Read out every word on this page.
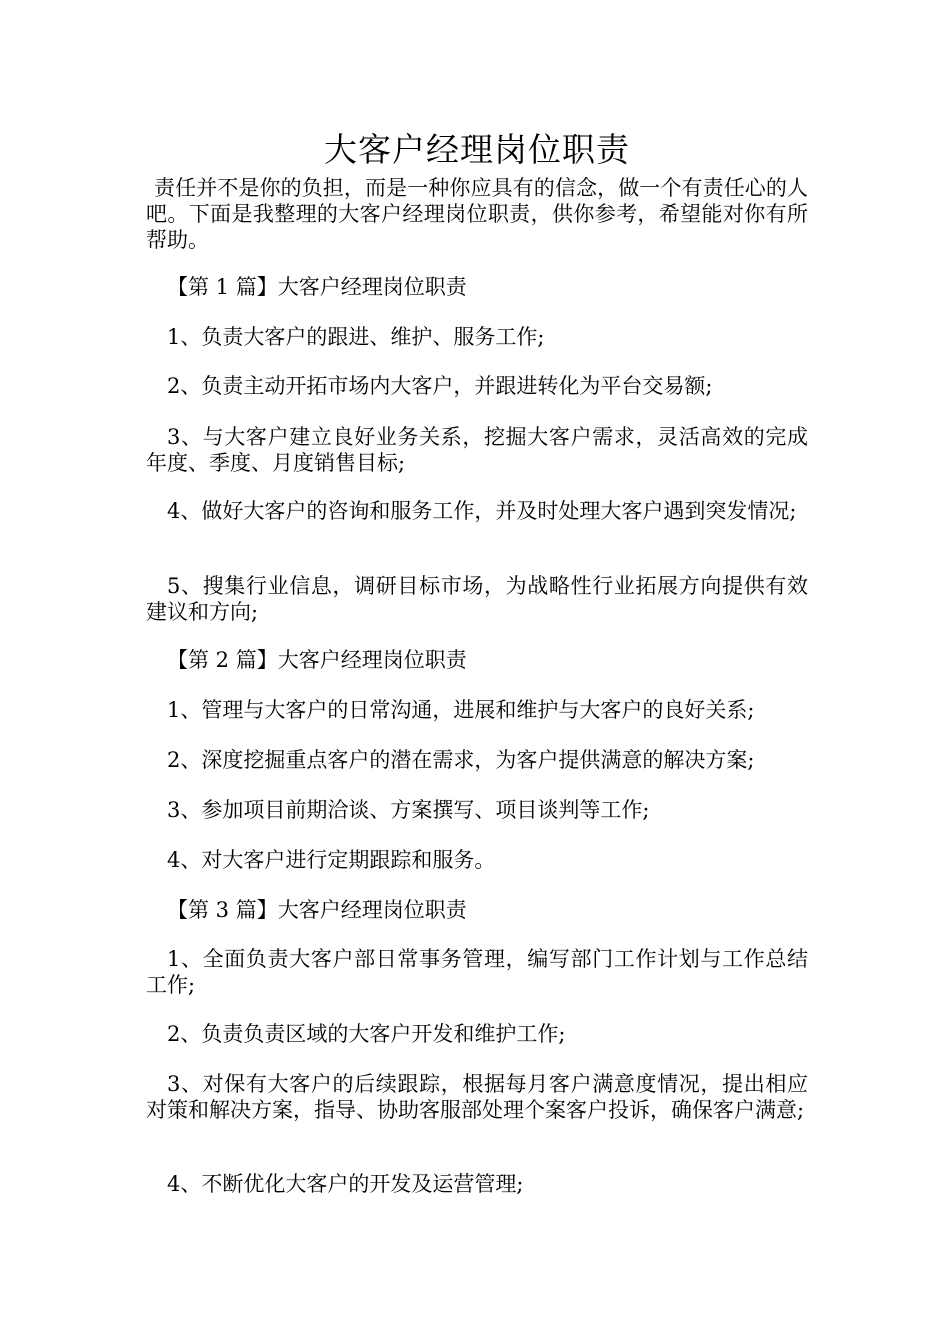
大客户经理岗位职责
责任并不是你的负担，而是一种你应具有的信念，做一个有责任心的人吧。下面是我整理的大客户经理岗位职责，供你参考，希望能对你有所帮助。
【第 1 篇】大客户经理岗位职责
1、负责大客户的跟进、维护、服务工作;
2、负责主动开拓市场内大客户，并跟进转化为平台交易额;
3、与大客户建立良好业务关系，挖掘大客户需求，灵活高效的完成年度、季度、月度销售目标;
4、做好大客户的咨询和服务工作，并及时处理大客户遇到突发情况;
5、搜集行业信息，调研目标市场，为战略性行业拓展方向提供有效建议和方向;
【第 2 篇】大客户经理岗位职责
1、管理与大客户的日常沟通，进展和维护与大客户的良好关系;
2、深度挖掘重点客户的潜在需求，为客户提供满意的解决方案;
3、参加项目前期洽谈、方案撰写、项目谈判等工作;
4、对大客户进行定期跟踪和服务。
【第 3 篇】大客户经理岗位职责
1、全面负责大客户部日常事务管理，编写部门工作计划与工作总结工作;
2、负责负责区域的大客户开发和维护工作;
3、对保有大客户的后续跟踪，根据每月客户满意度情况，提出相应对策和解决方案，指导、协助客服部处理个案客户投诉，确保客户满意;
4、不断优化大客户的开发及运营管理;
